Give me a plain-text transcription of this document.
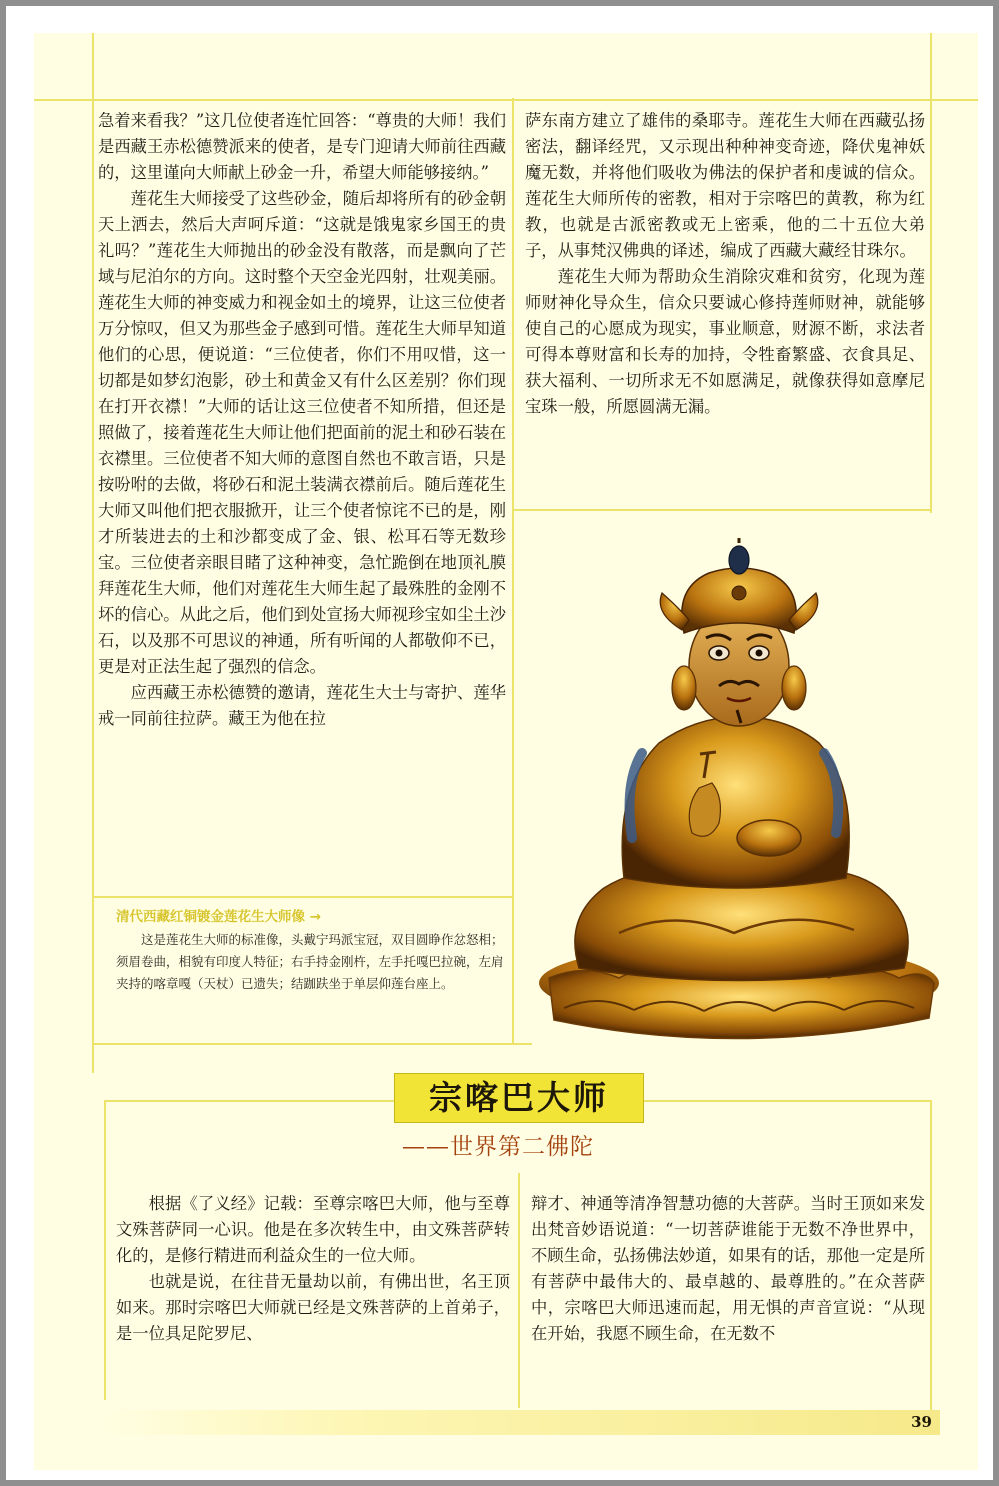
急着来看我？”这几位使者连忙回答：“尊贵的大师！我们是西藏王赤松德赞派来的使者，是专门迎请大师前往西藏的，这里谨向大师献上砂金一升，希望大师能够接纳。”

莲花生大师接受了这些砂金，随后却将所有的砂金朝天上洒去，然后大声呵斥道：“这就是饿鬼家乡国王的贵礼吗？”莲花生大师抛出的砂金没有散落，而是飘向了芒域与尼泊尔的方向。这时整个天空金光四射，壮观美丽。莲花生大师的神变威力和视金如土的境界，让这三位使者万分惊叹，但又为那些金子感到可惜。莲花生大师早知道他们的心思，便说道：“三位使者，你们不用叹惜，这一切都是如梦幻泡影，砂土和黄金又有什么区差别？你们现在打开衣襟！”大师的话让这三位使者不知所措，但还是照做了，接着莲花生大师让他们把面前的泥土和砂石装在衣襟里。三位使者不知大师的意图自然也不敢言语，只是按吩咐的去做，将砂石和泥土装满衣襟前后。随后莲花生大师又叫他们把衣服掀开，让三个使者惊诧不已的是，刚才所装进去的土和沙都变成了金、银、松耳石等无数珍宝。三位使者亲眼目睹了这种神变，急忙跪倒在地顶礼膜拜莲花生大师，他们对莲花生大师生起了最殊胜的金刚不坏的信心。从此之后，他们到处宣扬大师视珍宝如尘土沙石，以及那不可思议的神通，所有听闻的人都敬仰不已，更是对正法生起了强烈的信念。

应西藏王赤松德赞的邀请，莲花生大士与寄护、莲华戒一同前往拉萨。藏王为他在拉

萨东南方建立了雄伟的桑耶寺。莲花生大师在西藏弘扬密法，翻译经咒，又示现出种种神变奇迹，降伏鬼神妖魔无数，并将他们吸收为佛法的保护者和虔诚的信众。莲花生大师所传的密教，相对于宗喀巴的黄教，称为红教，也就是古派密教或无上密乘，他的二十五位大弟子，从事梵汉佛典的译述，编成了西藏大藏经甘珠尔。

莲花生大师为帮助众生消除灾难和贫穷，化现为莲师财神化导众生，信众只要诚心修持莲师财神，就能够使自己的心愿成为现实，事业顺意，财源不断，求法者可得本尊财富和长寿的加持，令牲畜繁盛、衣食具足、获大福利、一切所求无不如愿满足，就像获得如意摩尼宝珠一般，所愿圆满无漏。

清代西藏红铜镀金莲花生大师像 →

这是莲花生大师的标准像，头戴宁玛派宝冠，双目圆睁作忿怒相；须眉卷曲，相貌有印度人特征；右手持金刚杵，左手托嘎巴拉碗，左肩夹持的喀章嘎（天杖）已遗失；结跏趺坐于单层仰莲台座上。

宗喀巴大师
——世界第二佛陀

根据《了义经》记载：至尊宗喀巴大师，他与至尊文殊菩萨同一心识。他是在多次转生中，由文殊菩萨转化的，是修行精进而利益众生的一位大师。

也就是说，在往昔无量劫以前，有佛出世，名王顶如来。那时宗喀巴大师就已经是文殊菩萨的上首弟子，是一位具足陀罗尼、

辩才、神通等清净智慧功德的大菩萨。当时王顶如来发出梵音妙语说道：“一切菩萨谁能于无数不净世界中，不顾生命，弘扬佛法妙道，如果有的话，那他一定是所有菩萨中最伟大的、最卓越的、最尊胜的。”在众菩萨中，宗喀巴大师迅速而起，用无惧的声音宣说：“从现在开始，我愿不顾生命，在无数不

39
